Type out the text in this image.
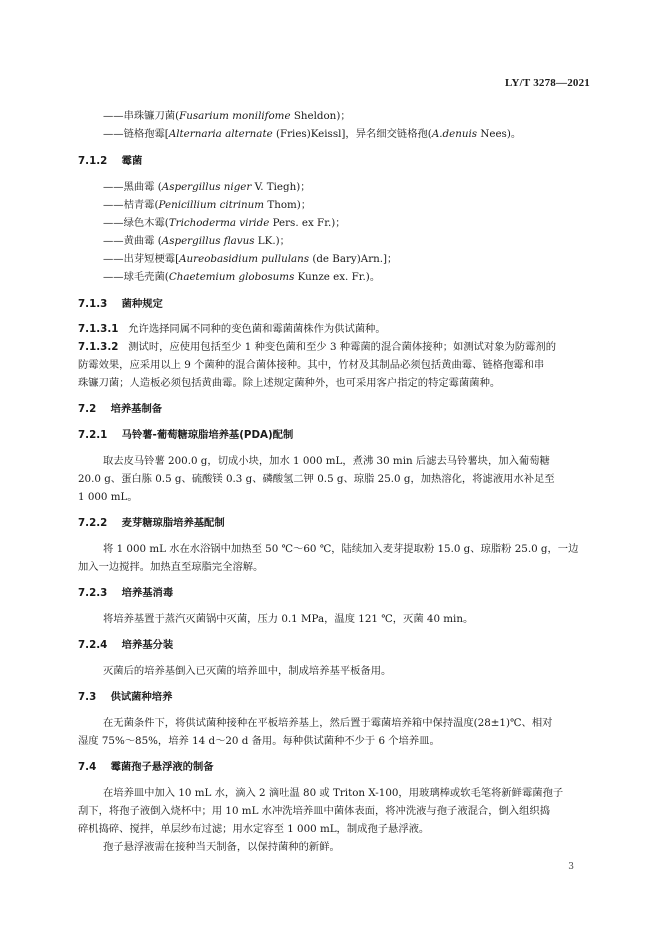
LY/T 3278—2021
——串珠镰刀菌(Fusarium monilifome Sheldon)；
——链格孢霉[Alternaria alternate (Fries)Keissl]，异名细交链格孢(A.denuis Nees)。
7.1.2 霉菌
——黑曲霉 (Aspergillus niger V. Tiegh)；
——桔青霉(Penicillium citrinum Thom)；
——绿色木霉(Trichoderma viride Pers. ex Fr.)；
——黄曲霉 (Aspergillus flavus LK.)；
——出芽短梗霉[Aureobasidium pullulans (de Bary)Arn.]；
——球毛壳菌(Chaetemium globosums Kunze ex. Fr.)。
7.1.3 菌种规定
7.1.3.1 允许选择同属不同种的变色菌和霉菌菌株作为供试菌种。
7.1.3.2 测试时，应使用包括至少 1 种变色菌和至少 3 种霉菌的混合菌体接种；如测试对象为防霉剂的
防霉效果，应采用以上 9 个菌种的混合菌体接种。其中，竹材及其制品必须包括黄曲霉、链格孢霉和串
珠镰刀菌；人造板必须包括黄曲霉。除上述规定菌种外，也可采用客户指定的特定霉菌菌种。
7.2 培养基制备
7.2.1 马铃薯-葡萄糖琼脂培养基(PDA)配制
取去皮马铃薯 200.0 g，切成小块，加水 1 000 mL，煮沸 30 min 后滤去马铃薯块，加入葡萄糖
20.0 g、蛋白胨 0.5 g、硫酸镁 0.3 g、磷酸氢二钾 0.5 g、琼脂 25.0 g，加热溶化，将滤液用水补足至
1 000 mL。
7.2.2 麦芽糖琼脂培养基配制
将 1 000 mL 水在水浴锅中加热至 50 ℃～60 ℃，陆续加入麦芽提取粉 15.0 g、琼脂粉 25.0 g，一边
加入一边搅拌。加热直至琼脂完全溶解。
7.2.3 培养基消毒
将培养基置于蒸汽灭菌锅中灭菌，压力 0.1 MPa，温度 121 ℃，灭菌 40 min。
7.2.4 培养基分装
灭菌后的培养基倒入已灭菌的培养皿中，制成培养基平板备用。
7.3 供试菌种培养
在无菌条件下，将供试菌种接种在平板培养基上，然后置于霉菌培养箱中保持温度(28±1)℃、相对
湿度 75%～85%，培养 14 d～20 d 备用。每种供试菌种不少于 6 个培养皿。
7.4 霉菌孢子悬浮液的制备
在培养皿中加入 10 mL 水，滴入 2 滴吐温 80 或 Triton X-100，用玻璃棒或软毛笔将新鲜霉菌孢子
刮下，将孢子液倒入烧杯中；用 10 mL 水冲洗培养皿中菌体表面，将冲洗液与孢子液混合，倒入组织捣
碎机捣碎、搅拌，单层纱布过滤；用水定容至 1 000 mL，制成孢子悬浮液。
孢子悬浮液需在接种当天制备，以保持菌种的新鲜。
3
